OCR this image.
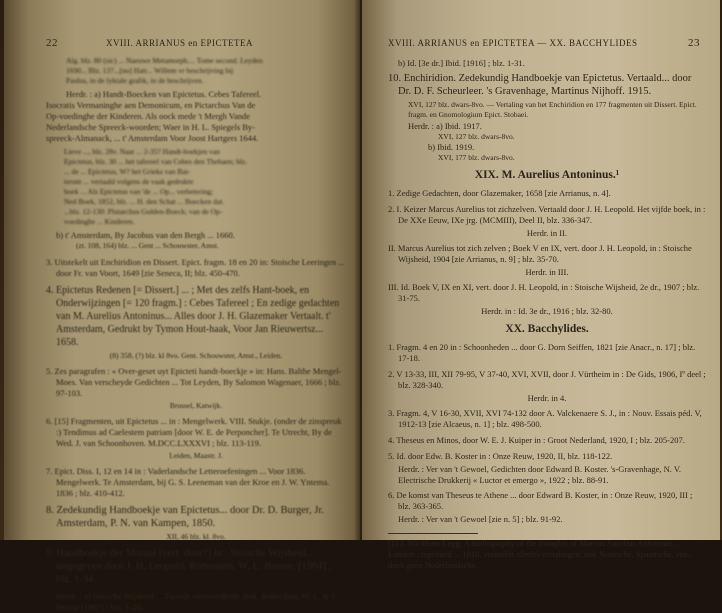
22	XVIII. ARRIANUS en EPICTETEA

Alg. blz. 80 (sic) ... Naeuwe Metamorph.... Tome second. Leyden

1690... Blz. 137...[nu] Hatt... Willem vr beschrijving bij

Paulus, in de lyktale grafik, in de beschrijven.

Herdr. : a) Handt-Boecken van Epictetus. Cebes Tafereel.

Isocratis Vermaninghe aen Demonicum, en Pictarchus Van de

Op-voedinghe der Kinderen. Als oock mede 't Mergh Vande

Nederlandsche Spreeck-woorden; Waer in H. L. Spiegels By-

spreeck-Almanack, ... t' Amsterdam Voor Joost Hartgers 1644.

Lieve ..., blz. 28v. Naar ... 2-35? Handt-boekjen van

Epictetus, blz. 30 ... het tafereel van Cebes den Thebaen; blz.

... de ... Epictetus, W? het Grieks van Bat-

terum ... vertaald volgens de vaak gedrukte

boek ... Als Epictetus van 'de ... Op... verbetering;

Ned Boek, 1852, blz. ... H. den Schat ... Boecken dat.

...blz. 12-130: Plutarchus Gulden-Boeck; van de Op-

voedinghe ... Kinderen.

b) t' Amsterdam, By Jacobus van den Bergh ... 1660.

(zt. 108, 164) blz. ... Gent ... Schouwster, Amst.

3. Uitstekelt uit Enchiridion en Dissert. Epict. fragm. 18 en 20 in: Stoische Leeringen ... door Fr. van Voort, 1649 [zie Seneca, II; blz. 450-470.

4. Epictetus Redenen [= Dissert.] ... ; Met des zelfs Hant-boek, en Onderwijzingen [= 120 fragm.] : Cebes Tafereel ; En zedige gedachten van M. Aurelius Antoninus... Alles door J. H. Glazemaker Vertaalt. t' Amsterdam, Gedrukt by Tymon Hout-haak, Voor Jan Rieuwertsz... 1658.

(8) 358, (?) blz. kl 8vo. Gent. Schouwster, Amst., Leiden.

5. Zes paragrafen : « Over-geset uyt Epicteti handt-boeckje » in: Hans. Balthe Mengel-Moes. Van verscheyde Gedichten ... Tot Leyden, By Salomon Wagenaer, 1666 ; blz. 97-103.

Brussel, Katwijk.

6. [15] Fragmenten, uit Epictetus ... in : Mengelwerk. VIII. Stukje. (onder de zinspreuk :) Tendimus ad Caelestem patriam [door W. E. de Perponcher]. Te Utrecht, By de Wed. J. van Schoonhoven. M.DCC.LXXXVI ; blz. 113-119.

Leiden, Maastr. J.

7. Epict. Diss. I, 12 en 14 in : Vaderlandsche Letteroefeningen ... Voor 1836. Mengelwerk. Te Amsterdam, bij G. S. Leeneman van der Kroe en J. W. Yntema. 1836 ; blz. 410-412.

8. Zedekundig Handboekje van Epictetus... door Dr. D. Burger, Jr. Amsterdam, P. N. van Kampen, 1850.

XII, 46 blz. kl. 8vo.

9. Handboekje der Moraal [vert. door?] in : Stoische Wijsheid... uitgegeven door J. H. Leopold. Rotterdam, W. L. Brusse, [1904] ; blz. 1-34.

Herdr. : a) Stoische Wijsheid ... Tweede vermeerderde druk. Rotterdam, W. L. & J. Brusse [1907] ; blz. 1-29.

XVIII. ARRIANUS en EPICTETEA — XX. BACCHYLIDES	23

b) Id. [3e dr.] Ibid. [1916] ; blz. 1-31.

10. Enchiridion. Zedekundig Handboekje van Epictetus. Vertaald... door Dr. D. F. Scheurleer. 's Gravenhage, Martinus Nijhoff. 1915.

XVI, 127 blz. dwars-8vo. — Vertaling van het Enchiridion en 177 fragmenten uit Dissert. Epict. fragm. en Gnomologium Epict. Stobaei.

Herdr. : a) Ibid. 1917.

XVI, 127 blz. dwars-8vo.

b) Ibid. 1919.

XVI, 177 blz. dwars-8vo.

XIX. M. Aurelius Antoninus.¹

1. Zedige Gedachten, door Glazemaker, 1658 [zie Arrianus, n. 4].

2. I. Keizer Marcus Aurelius tot zichzelven. Vertaald door J. H. Leopold. Het vijfde boek, in : De XXe Eeuw, IXe jrg. (MCMIII), Deel II, blz. 336-347.

Herdr. in II.

II. Marcus Aurelius tot zich zelven ; Boek V en IX, vert. door J. H. Leopold, in : Stoische Wijsheid, 1904 [zie Arrianus, n. 9] ; blz. 35-70.

Herdr. in III.

III. Id. Boek V, IX en XI, vert. door J. H. Leopold, in : Stoische Wijsheid, 2e dr., 1907 ; blz. 31-75.

Herdr. in : Id. 3e dr., 1916 ; blz. 32-80.

XX. Bacchylides.

1. Fragm. 4 en 20 in : Schoonheden ... door G. Dorn Seiffen, 1821 [zie Anacr., n. 17] ; blz. 17-18.

2. V 13-33, III, XII 79-95, V 37-40, XVI, XVII, door J. Vürtheim in : De Gids, 1906, Iº deel ; blz. 328-340.

Herdr. in 4.

3. Fragm. 4, V 16-30, XVII, XVI 74-132 door A. Valckenaere S. J., in : Nouv. Essais péd. V, 1912-13 [zie Alcaeus, n. 1] ; blz. 498-500.

4. Theseus en Minos, door W. E. J. Kuiper in : Groot Nederland, 1920, I ; blz. 205-207.

5. Id. door Edw. B. Koster in : Onze Reuw, 1920, II, blz. 118-122.

Herdr. : Ver van 't Gewoel, Gedichten door Edward B. Koster. 's-Gravenhage, N. V. Electrische Drukkerij « Luctor et emergo », 1922 ; blz. 88-91.

6. De komst van Theseus te Athene ... door Edward B. Koster, in : Onze Reuw, 1920, III ; blz. 363-365.

Herdr. : Ver van 't Gewoel [zie n. 5] ; blz. 91-92.

(1) J. Wickham Legg, A bibliography of the thoughts of Marcus Aurelius Antoninus... London : reprinted ... 1910, vermeldt allerlei vertalingen, ook Noorsche, Spaansche, enz., doch geen Nederlandsche.
